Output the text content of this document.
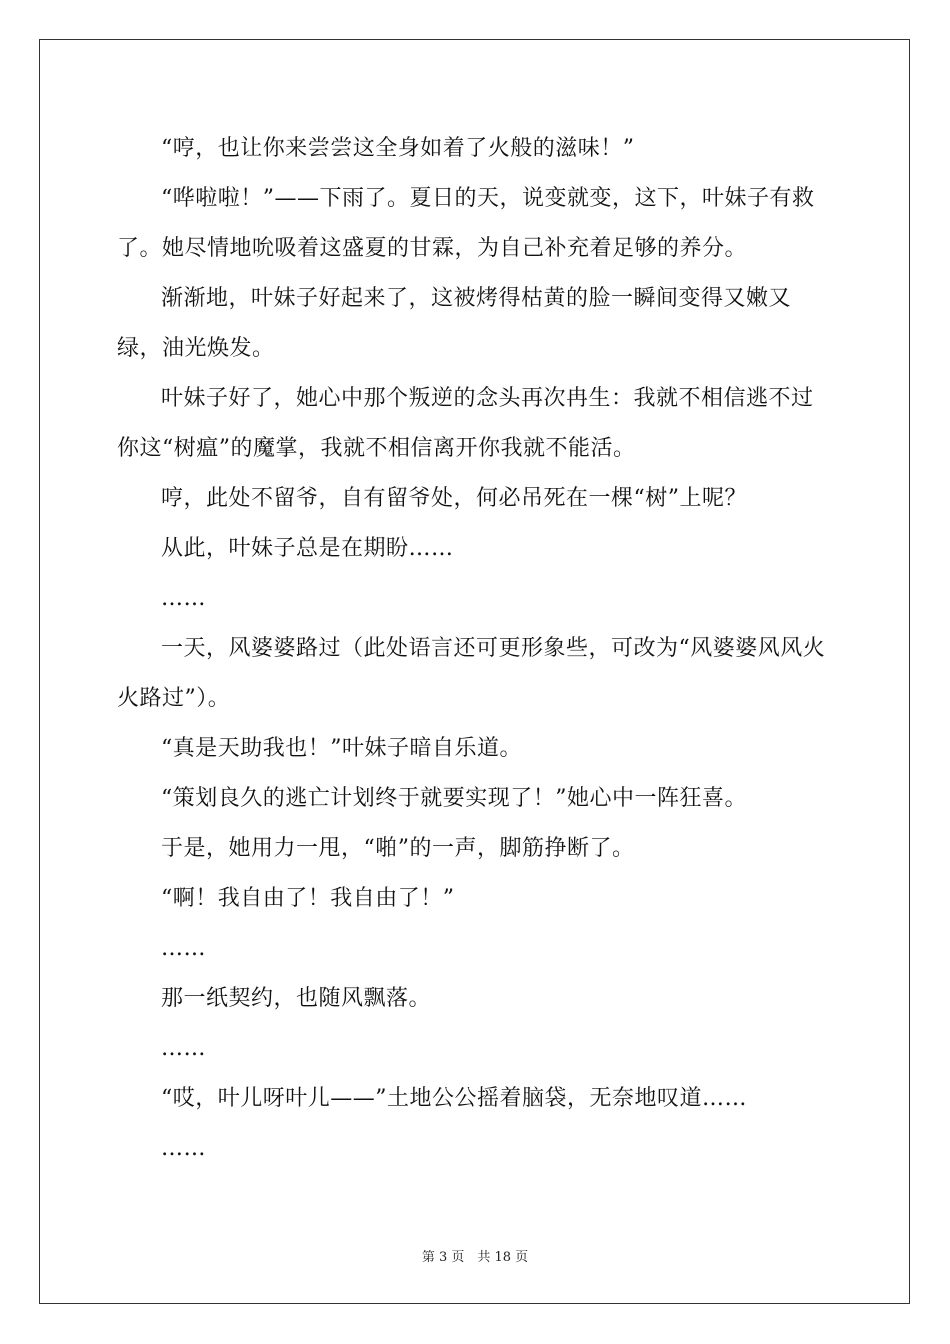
“哼，也让你来尝尝这全身如着了火般的滋味！”

“哗啦啦！”——下雨了。夏日的天，说变就变，这下，叶妹子有救了。她尽情地吮吸着这盛夏的甘霖，为自己补充着足够的养分。

渐渐地，叶妹子好起来了，这被烤得枯黄的脸一瞬间变得又嫩又绿，油光焕发。

叶妹子好了，她心中那个叛逆的念头再次冉生：我就不相信逃不过你这“树瘟”的魔掌，我就不相信离开你我就不能活。

哼，此处不留爷，自有留爷处，何必吊死在一棵“树”上呢？

从此，叶妹子总是在期盼……

……

一天，风婆婆路过（此处语言还可更形象些，可改为“风婆婆风风火火路过”）。

“真是天助我也！”叶妹子暗自乐道。

“策划良久的逃亡计划终于就要实现了！”她心中一阵狂喜。

于是，她用力一甩，“啪”的一声，脚筋挣断了。

“啊！我自由了！我自由了！”

……

那一纸契约，也随风飘落。

……

“哎，叶儿呀叶儿——”土地公公摇着脑袋，无奈地叹道……

……

第 3 页　共 18 页
